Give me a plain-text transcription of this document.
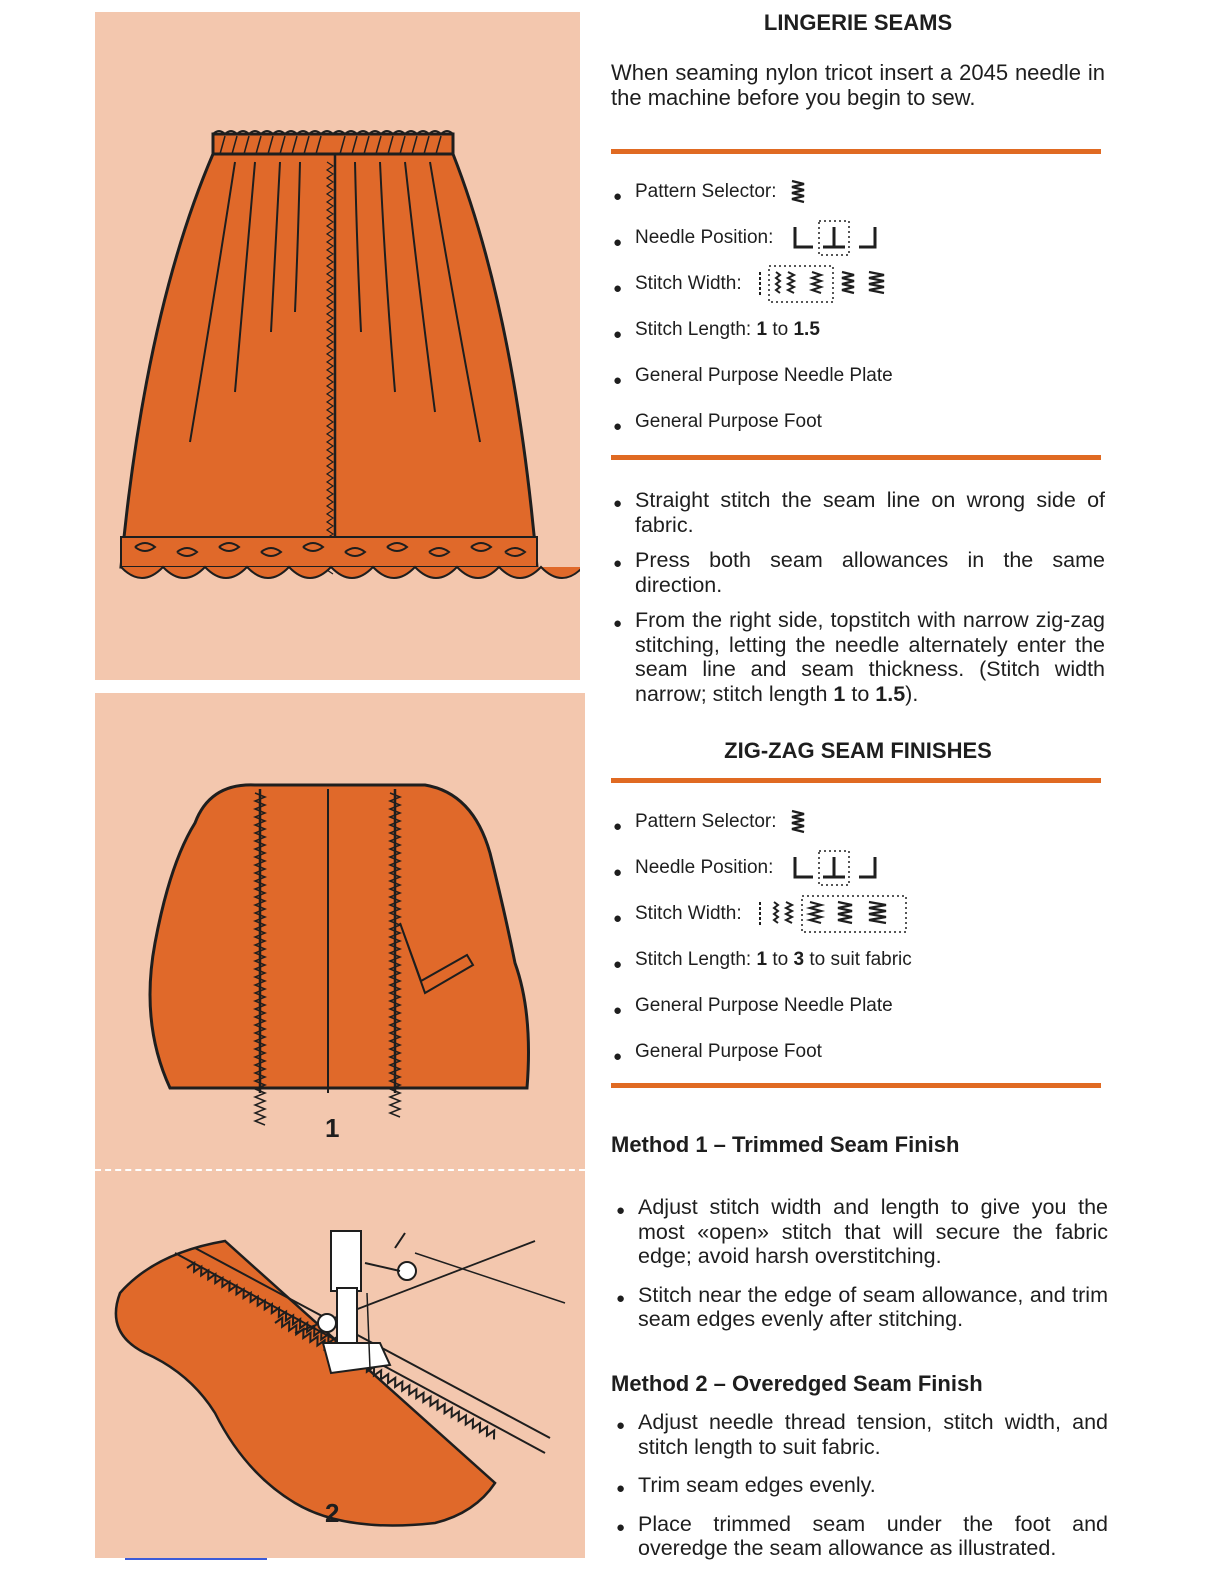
1
2
LINGERIE SEAMS

When seaming nylon tricot insert a 2045 needle in the machine before you begin to sew.

● Pattern Selector:
● Needle Position:
● Stitch Width:
● Stitch Length:
1
to
1.5
● General Purpose Needle Plate
● General Purpose Foot
● Straight stitch the seam line on wrong side of fabric.
● Press both seam allowances in the same direction.
● From the right side, topstitch with narrow zig-zag stitching, letting the needle alternately enter the seam line and seam thickness. (Stitch width narrow; stitch length 1 to 1.5).
ZIG-ZAG SEAM FINISHES
● Pattern Selector:
● Needle Position:
● Stitch Width:
● Stitch Length:
1
to
3
to suit fabric
● General Purpose Needle Plate
● General Purpose Foot
Method 1 – Trimmed Seam Finish
● Adjust stitch width and length to give you the most «open» stitch that will secure the fabric edge; avoid harsh overstitching.
● Stitch near the edge of seam allowance, and trim seam edges evenly after stitching.
Method 2 – Overedged Seam Finish
● Adjust needle thread tension, stitch width, and stitch length to suit fabric.
● Trim seam edges evenly.
● Place trimmed seam under the foot and overedge the seam allowance as illustrated.
